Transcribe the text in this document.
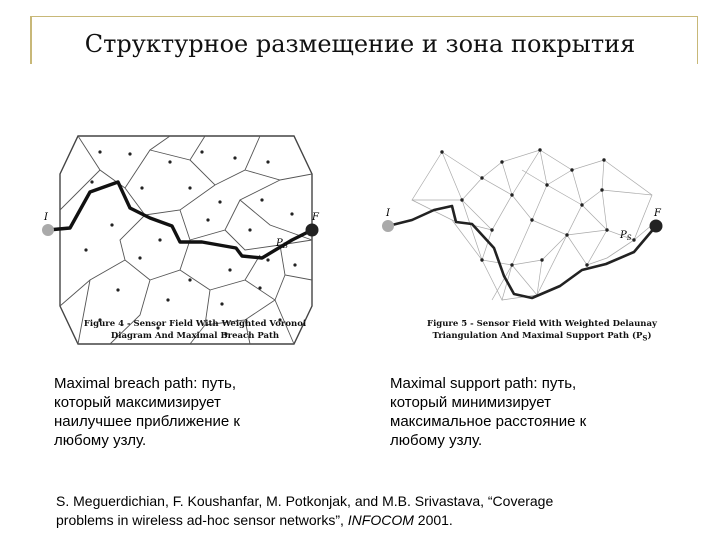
Структурное размещение и зона покрытия
I	F
$P_B$
Figure 4 - Sensor Field With Weighted Voronoi
Diagram And Maximal Breach Path
I	F
$P_S$
Figure 5 - Sensor Field With Weighted Delaunay
Triangulation And Maximal Support Path $(P_S)$
Maximal breach path: путь,
который максимизирует
наилучшее приближение к
любому узлу.
Maximal support path: путь,
который минимизирует
максимальное расстояние к
любому узлу.
S. Meguerdichian, F. Koushanfar, M. Potkonjak, and M.B. Srivastava, “Coverage
problems in wireless ad-hoc sensor networks”, INFOCOM 2001.
